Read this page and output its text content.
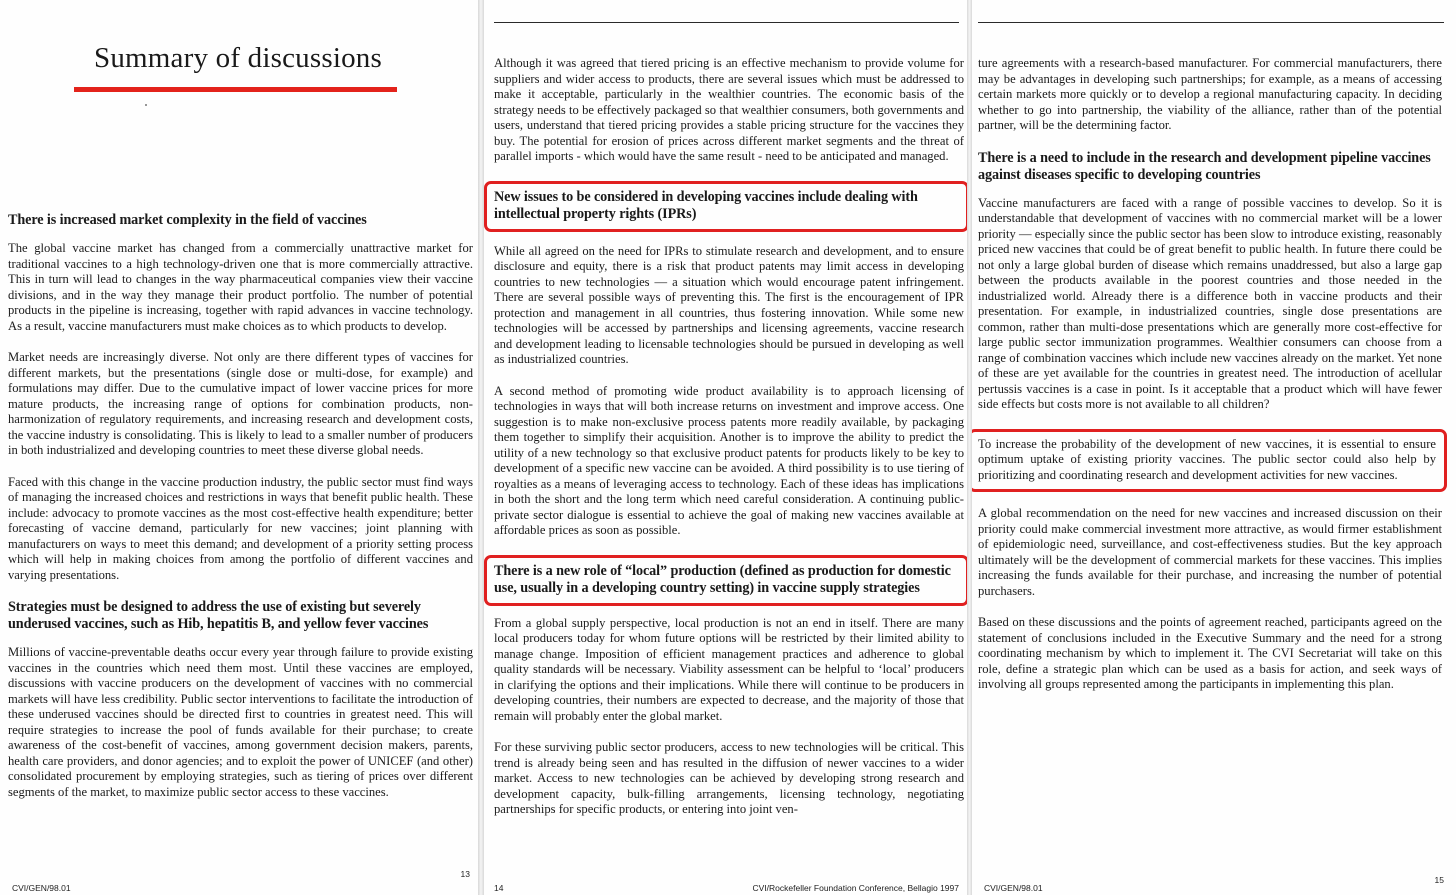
Summary of discussions
There is increased market complexity in the field of vaccines

The global vaccine market has changed from a commercially unattractive market for traditional vaccines to a high technology-driven one that is more commercially attractive. This in turn will lead to changes in the way pharmaceutical companies view their vaccine divisions, and in the way they manage their product portfolio. The number of potential products in the pipeline is increasing, together with rapid advances in vaccine technology. As a result, vaccine manufacturers must make choices as to which products to develop.

Market needs are increasingly diverse. Not only are there different types of vaccines for different markets, but the presentations (single dose or multi-dose, for example) and formulations may differ. Due to the cumulative impact of lower vaccine prices for more mature products, the increasing range of options for combination products, non-harmonization of regulatory requirements, and increasing research and development costs, the vaccine industry is consolidating. This is likely to lead to a smaller number of producers in both industrialized and developing countries to meet these diverse global needs.

Faced with this change in the vaccine production industry, the public sector must find ways of managing the increased choices and restrictions in ways that benefit public health. These include: advocacy to promote vaccines as the most cost-effective health expenditure; better forecasting of vaccine demand, particularly for new vaccines; joint planning with manufacturers on ways to meet this demand; and development of a priority setting process which will help in making choices from among the portfolio of different vaccines and varying presentations.

Strategies must be designed to address the use of existing but severely underused vaccines, such as Hib, hepatitis B, and yellow fever vaccines

Millions of vaccine-preventable deaths occur every year through failure to provide existing vaccines in the countries which need them most. Until these vaccines are employed, discussions with vaccine producers on the development of vaccines with no commercial markets will have less credibility. Public sector interventions to facilitate the introduction of these underused vaccines should be directed first to countries in greatest need. This will require strategies to increase the pool of funds available for their purchase; to create awareness of the cost-benefit of vaccines, among government decision makers, parents, health care providers, and donor agencies; and to exploit the power of UNICEF (and other) consolidated procurement by employing strategies, such as tiering of prices over different segments of the market, to maximize public sector access to these vaccines.

CVI/GEN/98.01
13

Although it was agreed that tiered pricing is an effective mechanism to provide volume for suppliers and wider access to products, there are several issues which must be addressed to make it acceptable, particularly in the wealthier countries. The economic basis of the strategy needs to be effectively packaged so that wealthier consumers, both governments and users, understand that tiered pricing provides a stable pricing structure for the vaccines they buy. The potential for erosion of prices across different market segments and the threat of parallel imports - which would have the same result - need to be anticipated and managed.

New issues to be considered in developing vaccines include dealing with intellectual property rights (IPRs)

While all agreed on the need for IPRs to stimulate research and development, and to ensure disclosure and equity, there is a risk that product patents may limit access in developing countries to new technologies — a situation which would encourage patent infringement. There are several possible ways of preventing this. The first is the encouragement of IPR protection and management in all countries, thus fostering innovation. While some new technologies will be accessed by partnerships and licensing agreements, vaccine research and development leading to licensable technologies should be pursued in developing as well as industrialized countries.

A second method of promoting wide product availability is to approach licensing of technologies in ways that will both increase returns on investment and improve access. One suggestion is to make non-exclusive process patents more readily available, by packaging them together to simplify their acquisition. Another is to improve the ability to predict the utility of a new technology so that exclusive product patents for products likely to be key to development of a specific new vaccine can be avoided. A third possibility is to use tiering of royalties as a means of leveraging access to technology. Each of these ideas has implications in both the short and the long term which need careful consideration. A continuing public-private sector dialogue is essential to achieve the goal of making new vaccines available at affordable prices as soon as possible.

There is a new role of “local” production (defined as production for domestic use, usually in a developing country setting) in vaccine supply strategies

From a global supply perspective, local production is not an end in itself. There are many local producers today for whom future options will be restricted by their limited ability to manage change. Imposition of efficient management practices and adherence to global quality standards will be necessary. Viability assessment can be helpful to ‘local’ producers in clarifying the options and their implications. While there will continue to be producers in developing countries, their numbers are expected to decrease, and the majority of those that remain will probably enter the global market.

For these surviving public sector producers, access to new technologies will be critical. This trend is already being seen and has resulted in the diffusion of newer vaccines to a wider market. Access to new technologies can be achieved by developing strong research and development capacity, bulk-filling arrangements, licensing technology, negotiating partnerships for specific products, or entering into joint ven-

14	CVI/Rockefeller Foundation Conference, Bellagio 1997

ture agreements with a research-based manufacturer. For commercial manufacturers, there may be advantages in developing such partnerships; for example, as a means of accessing certain markets more quickly or to develop a regional manufacturing capacity. In deciding whether to go into partnership, the viability of the alliance, rather than of the potential partner, will be the determining factor.

There is a need to include in the research and development pipeline vaccines against diseases specific to developing countries

Vaccine manufacturers are faced with a range of possible vaccines to develop. So it is understandable that development of vaccines with no commercial market will be a lower priority — especially since the public sector has been slow to introduce existing, reasonably priced new vaccines that could be of great benefit to public health. In future there could be not only a large global burden of disease which remains unaddressed, but also a large gap between the products available in the poorest countries and those needed in the industrialized world. Already there is a difference both in vaccine products and their presentation. For example, in industrialized countries, single dose presentations are common, rather than multi-dose presentations which are generally more cost-effective for large public sector immunization programmes. Wealthier consumers can choose from a range of combination vaccines which include new vaccines already on the market. Yet none of these are yet available for the countries in greatest need. The introduction of acellular pertussis vaccines is a case in point. Is it acceptable that a product which will have fewer side effects but costs more is not available to all children?

To increase the probability of the development of new vaccines, it is essential to ensure optimum uptake of existing priority vaccines. The public sector could also help by prioritizing and coordinating research and development activities for new vaccines.

A global recommendation on the need for new vaccines and increased discussion on their priority could make commercial investment more attractive, as would firmer establishment of epidemiologic need, surveillance, and cost-effectiveness studies. But the key approach ultimately will be the development of commercial markets for these vaccines. This implies increasing the funds available for their purchase, and increasing the number of potential purchasers.

Based on these discussions and the points of agreement reached, participants agreed on the statement of conclusions included in the Executive Summary and the need for a strong coordinating mechanism by which to implement it. The CVI Secretariat will take on this role, define a strategic plan which can be used as a basis for action, and seek ways of involving all groups represented among the participants in implementing this plan.

CVI/GEN/98.01
15
